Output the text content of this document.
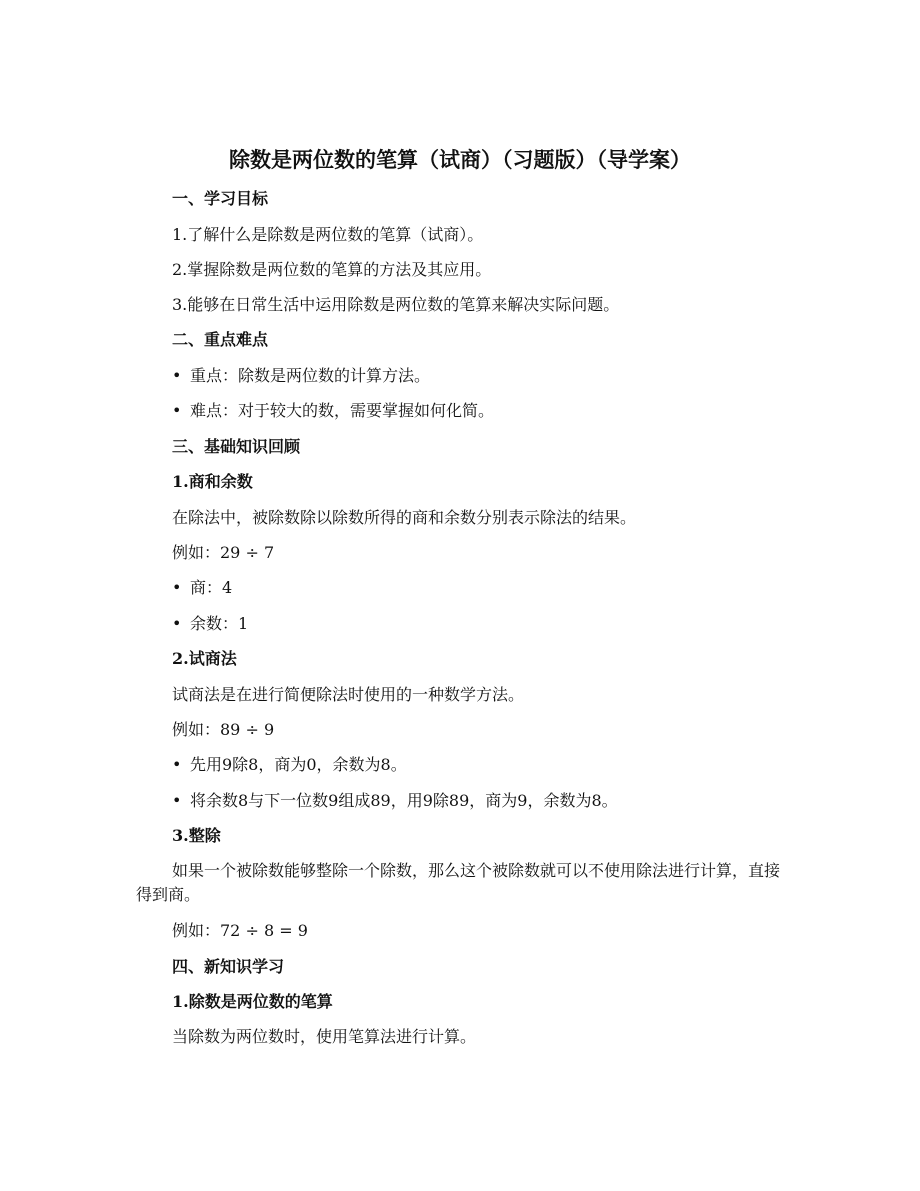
除数是两位数的笔算（试商）（习题版）（导学案）
一、学习目标
1.了解什么是除数是两位数的笔算（试商）。
2.掌握除数是两位数的笔算的方法及其应用。
3.能够在日常生活中运用除数是两位数的笔算来解决实际问题。
二、重点难点
• 重点：除数是两位数的计算方法。
• 难点：对于较大的数，需要掌握如何化简。
三、基础知识回顾
1.商和余数
在除法中，被除数除以除数所得的商和余数分别表示除法的结果。
例如：29 ÷ 7
• 商：4
• 余数：1
2.试商法
试商法是在进行简便除法时使用的一种数学方法。
例如：89 ÷ 9
• 先用9除8，商为0，余数为8。
• 将余数8与下一位数9组成89，用9除89，商为9，余数为8。
3.整除
如果一个被除数能够整除一个除数，那么这个被除数就可以不使用除法进行计算，直接得到商。
例如：72 ÷ 8 = 9
四、新知识学习
1.除数是两位数的笔算
当除数为两位数时，使用笔算法进行计算。
